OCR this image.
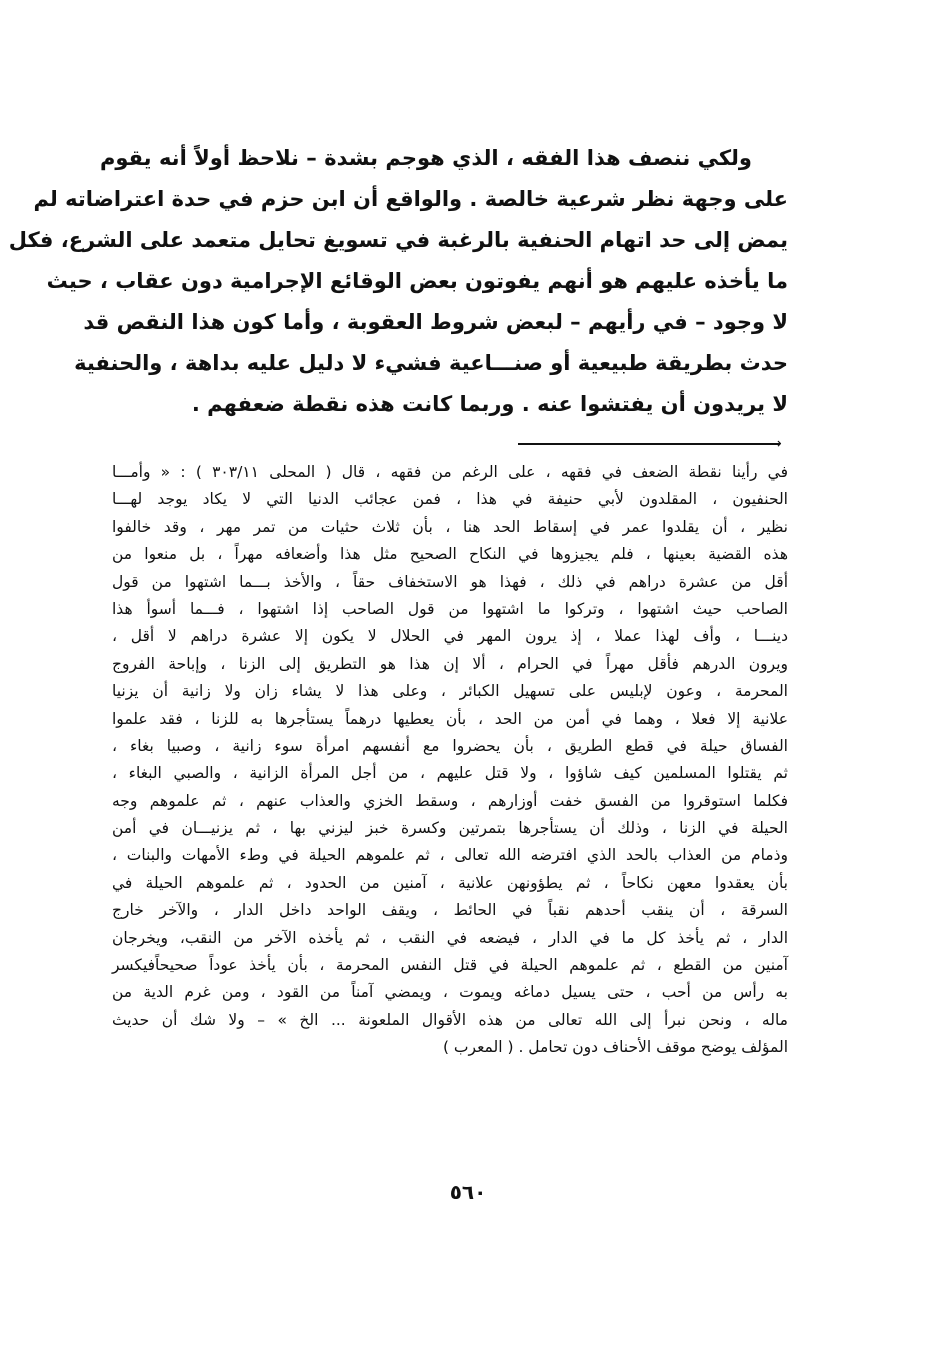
ولكي ننصف هذا الفقه ، الذي هوجم بشدة – نلاحظ أولاً أنه يقوم
على وجهة نظر شرعية خالصة . والواقع أن ابن حزم في حدة اعتراضاته لم
يمض إلى حد اتهام الحنفية بالرغبة في تسويغ تحايل متعمد على الشرع، فكل
ما يأخذه عليهم هو أنهم يفوتون بعض الوقائع الإجرامية دون عقاب ، حيث
لا وجود – في رأيهم – لبعض شروط العقوبة ، وأما كون هذا النقص قد
حدث بطريقة طبيعية أو صنـــاعية فشيء لا دليل عليه بداهة ، والحنفية
لا يريدون أن يفتشوا عنه . وربما كانت هذه نقطة ضعفهم .
→
في رأينا نقطة الضعف في فقهه ، على الرغم من فقهه ، قال ( المحلى ٣٠٣/١١ ) : « وأمـــا
الحنفيون ، المقلدون لأبي حنيفة في هذا ، فمن عجائب الدنيا التي لا يكاد يوجد لهـــا
نظير ، أن يقلدوا عمر في إسقاط الحد هنا ، بأن ثلاث حثيات من تمر مهر ، وقد خالفوا
هذه القضية بعينها ، فلم يجيزوها في النكاح الصحيح مثل هذا وأضعافه مهراً ، بل منعوا من
أقل من عشرة دراهم في ذلك ، فهذا هو الاستخفاف حقاً ، والأخذ بـــما اشتهوا من قول
الصاحب حيث اشتهوا ، وتركوا ما اشتهوا من قول الصاحب إذا اشتهوا ، فـــما أسوأ هذا
دينـــا ، وأف لهذا عملا ، إذ يرون المهر في الحلال لا يكون إلا عشرة دراهم لا أقل ،
ويرون الدرهم فأقل مهراً في الحرام ، ألا إن هذا هو التطريق إلى الزنا ، وإباحة الفروج
المحرمة ، وعون لإبليس على تسهيل الكبائر ، وعلى هذا لا يشاء زان ولا زانية أن يزنيا
علانية إلا فعلا ، وهما في أمن من الحد ، بأن يعطيها درهماً يستأجرها به للزنا ، فقد علموا
الفساق حيلة في قطع الطريق ، بأن يحضروا مع أنفسهم امرأة سوء زانية ، وصبيا بغاء ،
ثم يقتلوا المسلمين كيف شاؤوا ، ولا قتل عليهم ، من أجل المرأة الزانية ، والصبي البغاء ،
فكلما استوقروا من الفسق خفت أوزارهم ، وسقط الخزي والعذاب عنهم ، ثم علموهم وجه
الحيلة في الزنا ، وذلك أن يستأجرها بتمرتين وكسرة خبز ليزني بها ، ثم يزنيـــان في أمن
وذمام من العذاب بالحد الذي افترضه الله تعالى ، ثم علموهم الحيلة في وطء الأمهات والبنات ،
بأن يعقدوا معهن نكاحاً ، ثم يطؤونهن علانية ، آمنين من الحدود ، ثم علموهم الحيلة في
السرقة ، أن ينقب أحدهم نقباً في الحائط ، ويقف الواحد داخل الدار ، والآخر خارج
الدار ، ثم يأخذ كل ما في الدار ، فيضعه في النقب ، ثم يأخذه الآخر من النقب، ويخرجان
آمنين من القطع ، ثم علموهم الحيلة في قتل النفس المحرمة ، بأن يأخذ عوداً صحيحاًفيكسر
به رأس من أحب ، حتى يسيل دماغه ويموت ، ويمضي آمناً من القود ، ومن غرم الدية من
ماله ، ونحن نبرأ إلى الله تعالى من هذه الأقوال الملعونة ... الخ » – ولا شك أن حديث
المؤلف يوضح موقف الأحناف دون تحامل . ( المعرب )
٥٦٠
